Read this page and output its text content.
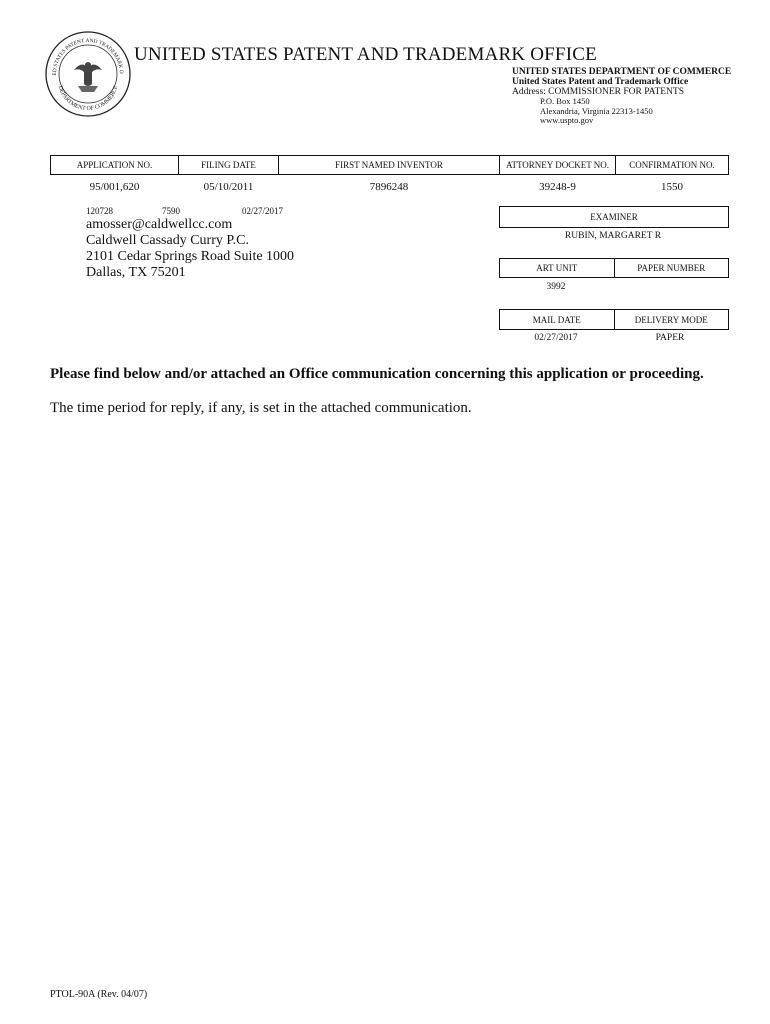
ED STATES PATENT AND TRADEMARK O
DEPARTMENT OF COMMERCE
UNITED STATES PATENT AND TRADEMARK OFFICE
UNITED STATES DEPARTMENT OF COMMERCE
United States Patent and Trademark Office
Address: COMMISSIONER FOR PATENTS
P.O. Box 1450
Alexandria, Virginia 22313-1450
www.uspto.gov
APPLICATION NO.	FILING DATE	FIRST NAMED INVENTOR	ATTORNEY DOCKET NO.	CONFIRMATION NO.
95/001,620	05/10/2011	7896248	39248-9	1550
120728	7590	02/27/2017
amosser@caldwellcc.com
Caldwell Cassady Curry P.C.
2101 Cedar Springs Road Suite 1000
Dallas, TX 75201
EXAMINER
RUBIN, MARGARET R
ART UNIT	PAPER NUMBER
3992
MAIL DATE	DELIVERY MODE
02/27/2017	PAPER
Please find below and/or attached an Office communication concerning this application or proceeding.
The time period for reply, if any, is set in the attached communication.
PTOL-90A (Rev. 04/07)
